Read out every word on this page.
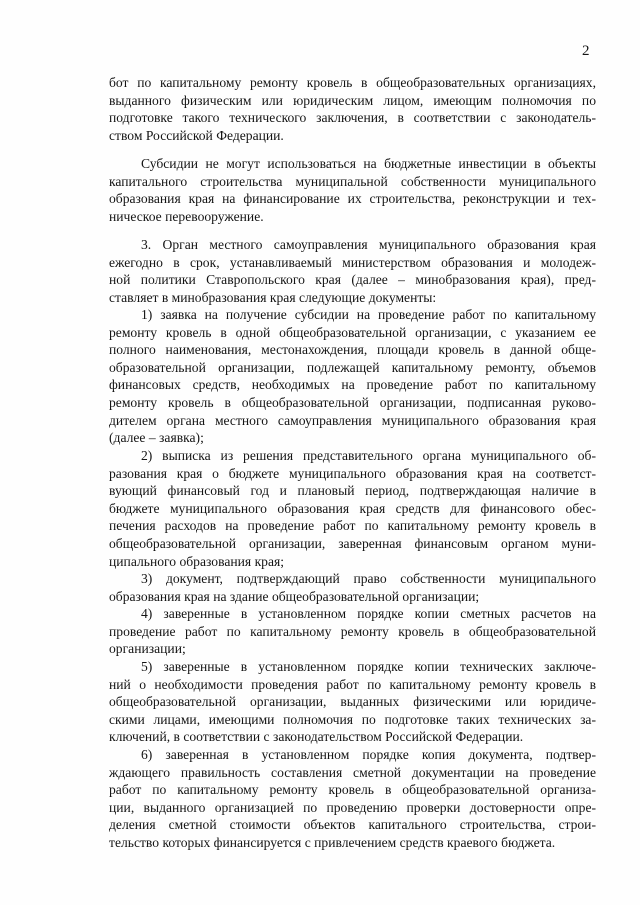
2
бот по капитальному ремонту кровель в общеобразовательных организациях,
выданного физическим или юридическим лицом, имеющим полномочия по
подготовке такого технического заключения, в соответствии с законодатель-
ством Российской Федерации.
Субсидии не могут использоваться на бюджетные инвестиции в объекты
капитального строительства муниципальной собственности муниципального
образования края на финансирование их строительства, реконструкции и тех-
ническое перевооружение.
3. Орган местного самоуправления муниципального образования края
ежегодно в срок, устанавливаемый министерством образования и молодеж-
ной политики Ставропольского края (далее – минобразования края), пред-
ставляет в минобразования края следующие документы:
1) заявка на получение субсидии на проведение работ по капитальному
ремонту кровель в одной общеобразовательной организации, с указанием ее
полного наименования, местонахождения, площади кровель в данной обще-
образовательной организации, подлежащей капитальному ремонту, объемов
финансовых средств, необходимых на проведение работ по капитальному
ремонту кровель в общеобразовательной организации, подписанная руково-
дителем органа местного самоуправления муниципального образования края
(далее – заявка);
2) выписка из решения представительного органа муниципального об-
разования края о бюджете муниципального образования края на соответст-
вующий финансовый год и плановый период, подтверждающая наличие в
бюджете муниципального образования края средств для финансового обес-
печения расходов на проведение работ по капитальному ремонту кровель в
общеобразовательной организации, заверенная финансовым органом муни-
ципального образования края;
3) документ, подтверждающий право собственности муниципального
образования края на здание общеобразовательной организации;
4) заверенные в установленном порядке копии сметных расчетов на
проведение работ по капитальному ремонту кровель в общеобразовательной
организации;
5) заверенные в установленном порядке копии технических заключе-
ний о необходимости проведения работ по капитальному ремонту кровель в
общеобразовательной организации, выданных физическими или юридиче-
скими лицами, имеющими полномочия по подготовке таких технических за-
ключений, в соответствии с законодательством Российской Федерации.
6) заверенная в установленном порядке копия документа, подтвер-
ждающего правильность составления сметной документации на проведение
работ по капитальному ремонту кровель в общеобразовательной организа-
ции, выданного организацией по проведению проверки достоверности опре-
деления сметной стоимости объектов капитального строительства, строи-
тельство которых финансируется с привлечением средств краевого бюджета.
